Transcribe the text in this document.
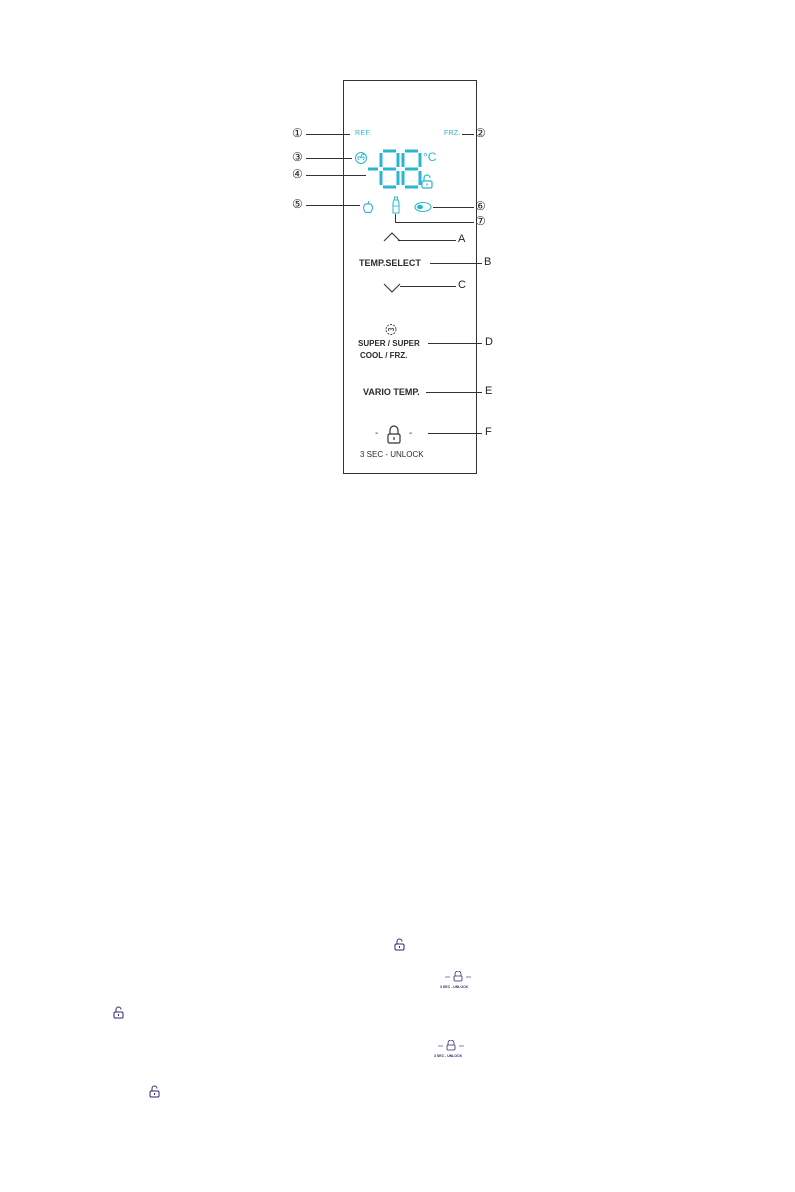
REF.	FRZ.
°C
TEMP.SELECT
SUPER / SUPER
COOL / FRZ.
VARIO TEMP.
-	-
3 SEC - UNLOCK
①
③
④
⑤
②
⑥
⑦
A
B
C
D
E
F
3 SEC - UNLOCK
3 SEC - UNLOCK
